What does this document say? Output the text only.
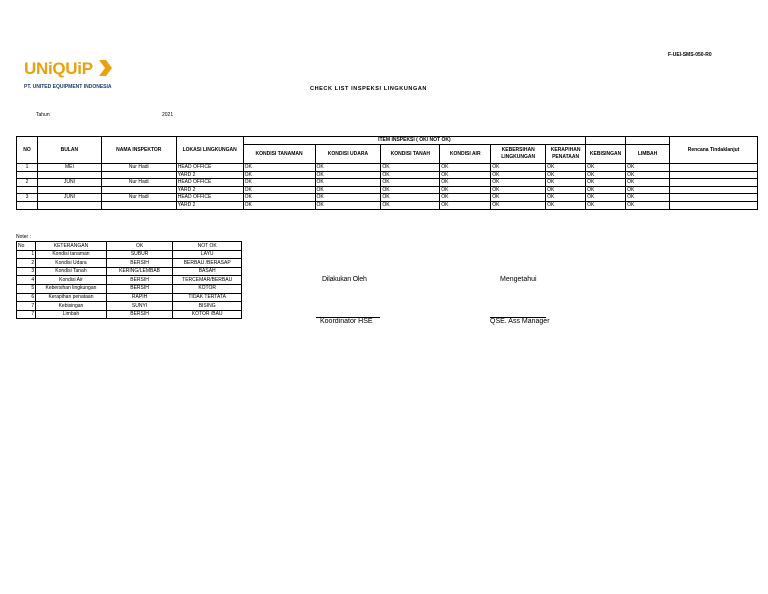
F-UEI-SMS-050-R0
UNiQUiP
PT. UNITED EQUIPMENT INDONESIA	CHECK LIST INSPEKSI LINGKUNGAN
Tahun	2021
NO	BULAN	NAMA INSPEKTOR	LOKASI LINGKUNGAN	ITEM INSPEKSI ( OK/ NOT OK)								Rencana Tindaklanjut
				KONDISI TANAMAN	KONDISI UDARA	KONDISI TANAH	KONDISI AIR	KEBERSIHAN LINGKUNGAN	KERAPIHAN PENATAAN	KEBISINGAN	LIMBAH	
1	MEI	Nur Hadi	HEAD OFFICE	OK	OK	OK	OK	OK	OK	OK	OK	
			YARD 2	OK	OK	OK	OK	OK	OK	OK	OK	
2	JUNI	Nur Hadi	HEAD OFFICE	OK	OK	OK	OK	OK	OK	OK	OK	
			YARD 2	OK	OK	OK	OK	OK	OK	OK	OK	
3	JUNI	Nur Hadi	HEAD OFFICE	OK	OK	OK	OK	OK	OK	OK	OK	
			YARD 2	OK	OK	OK	OK	OK	OK	OK	OK	
Noter :
No	KETERANGAN	OK	NOT OK
1	Kondisi tanaman	SUBUR	LAYU
2	Kondisi Udara	BERSIH	BERBAU /BERASAP
3	Kondisi Tanah	KERING/LEMBAB	BASAH
4	Kondisi Air	BERSIH	TERCEMAR/BERBAU
5	Kebersihan lingkungan	BERSIH	KOTOR
6	Kerapihan penataan	RAPIH	TIDAK TERTATA
7	Kebisingan	SUNYI	BISING
7	Limbah	BERSIH	KOTOR /BAU
Dilakukan Oleh	Mengetahui
Koordinator HSE	QSE. Ass Manager
